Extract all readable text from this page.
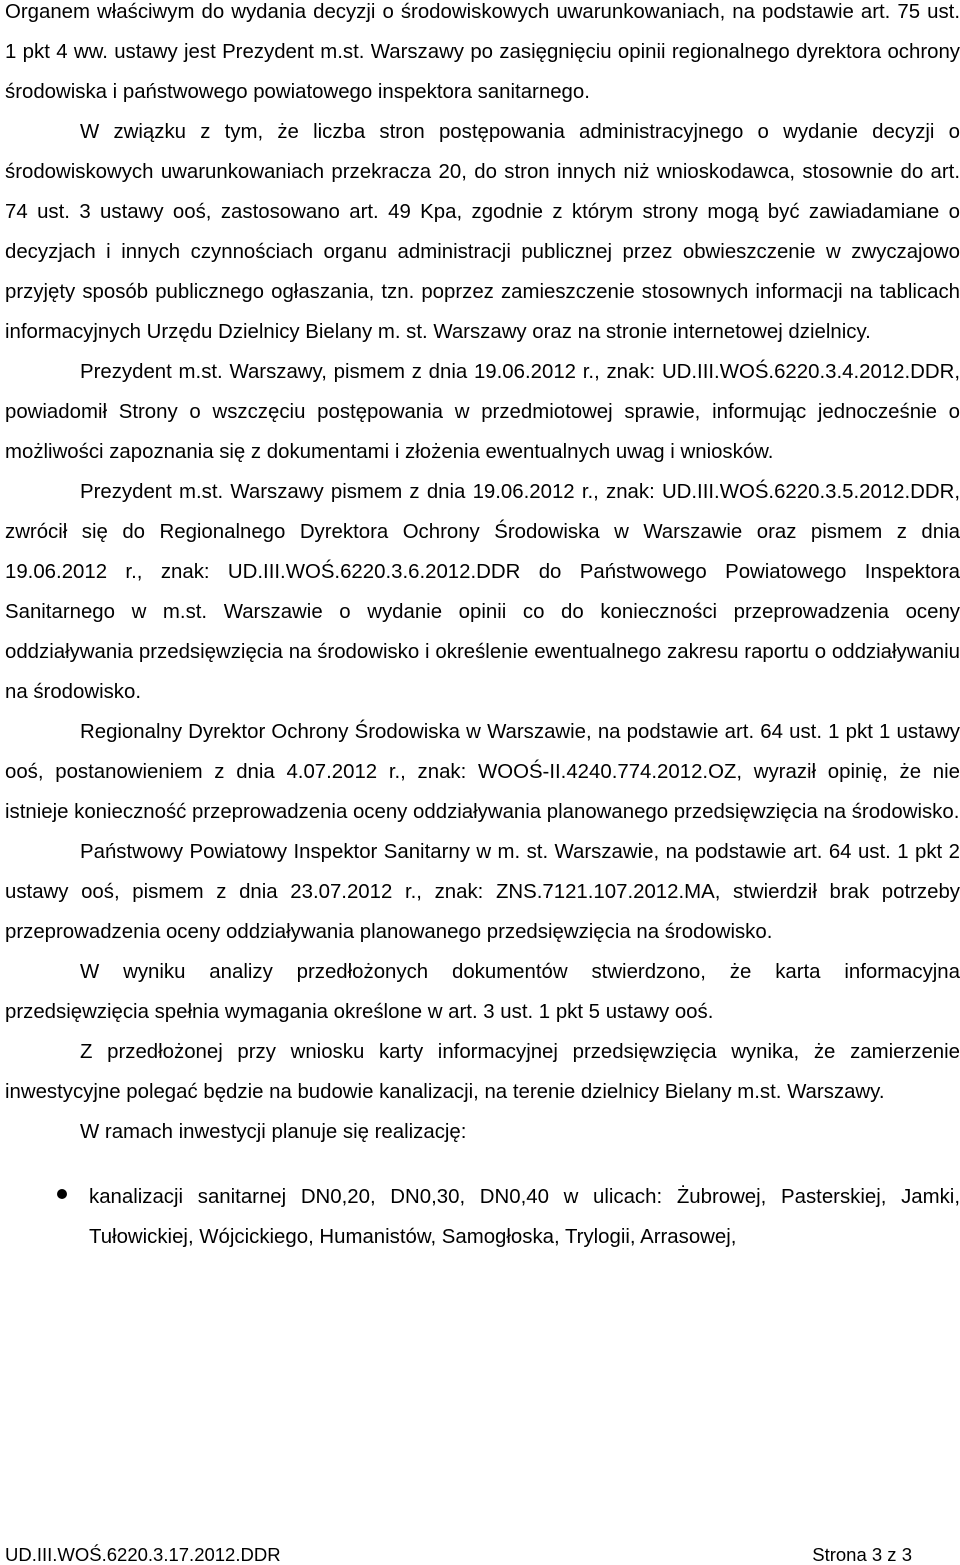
Organem właściwym do wydania decyzji o środowiskowych uwarunkowaniach, na podstawie art. 75 ust. 1 pkt 4 ww. ustawy jest Prezydent m.st. Warszawy po zasięgnięciu opinii regionalnego dyrektora ochrony środowiska i państwowego powiatowego inspektora sanitarnego.

W związku z tym, że liczba stron postępowania administracyjnego o wydanie decyzji o środowiskowych uwarunkowaniach przekracza 20, do stron innych niż wnioskodawca, stosownie do art. 74 ust. 3 ustawy ooś, zastosowano art. 49 Kpa, zgodnie z którym strony mogą być zawiadamiane o decyzjach i innych czynnościach organu administracji publicznej przez obwieszczenie w zwyczajowo przyjęty sposób publicznego ogłaszania, tzn. poprzez zamieszczenie stosownych informacji na tablicach informacyjnych Urzędu Dzielnicy Bielany m. st. Warszawy oraz na stronie internetowej dzielnicy.

Prezydent m.st. Warszawy, pismem z dnia 19.06.2012 r., znak: UD.III.WOŚ.6220.3.4.2012.DDR, powiadomił Strony o wszczęciu postępowania w przedmiotowej sprawie, informując jednocześnie o możliwości zapoznania się z dokumentami i złożenia ewentualnych uwag i wniosków.

Prezydent m.st. Warszawy pismem z dnia 19.06.2012 r., znak: UD.III.WOŚ.6220.3.5.2012.DDR, zwrócił się do Regionalnego Dyrektora Ochrony Środowiska w Warszawie oraz pismem z dnia 19.06.2012 r., znak: UD.III.WOŚ.6220.3.6.2012.DDR do Państwowego Powiatowego Inspektora Sanitarnego w m.st. Warszawie o wydanie opinii co do konieczności przeprowadzenia oceny oddziaływania przedsięwzięcia na środowisko i określenie ewentualnego zakresu raportu o oddziaływaniu na środowisko.

Regionalny Dyrektor Ochrony Środowiska w Warszawie, na podstawie art. 64 ust. 1 pkt 1 ustawy ooś, postanowieniem z dnia 4.07.2012 r., znak: WOOŚ-II.4240.774.2012.OZ, wyraził opinię, że nie istnieje konieczność przeprowadzenia oceny oddziaływania planowanego przedsięwzięcia na środowisko.

Państwowy Powiatowy Inspektor Sanitarny w m. st. Warszawie, na podstawie art. 64 ust. 1 pkt 2 ustawy ooś, pismem z dnia 23.07.2012 r., znak: ZNS.7121.107.2012.MA, stwierdził brak potrzeby przeprowadzenia oceny oddziaływania planowanego przedsięwzięcia na środowisko.

W wyniku analizy przedłożonych dokumentów stwierdzono, że karta informacyjna przedsięwzięcia spełnia wymagania określone w art. 3 ust. 1 pkt 5 ustawy ooś.

Z przedłożonej przy wniosku karty informacyjnej przedsięwzięcia wynika, że zamierzenie inwestycyjne polegać będzie na budowie kanalizacji, na terenie dzielnicy Bielany m.st. Warszawy.

W ramach inwestycji planuje się realizację:

kanalizacji sanitarnej DN0,20, DN0,30, DN0,40 w ulicach: Żubrowej, Pasterskiej, Jamki, Tułowickiej, Wójcickiego, Humanistów, Samogłoska, Trylogii, Arrasowej,
UD.III.WOŚ.6220.3.17.2012.DDR	Strona 3 z 3
